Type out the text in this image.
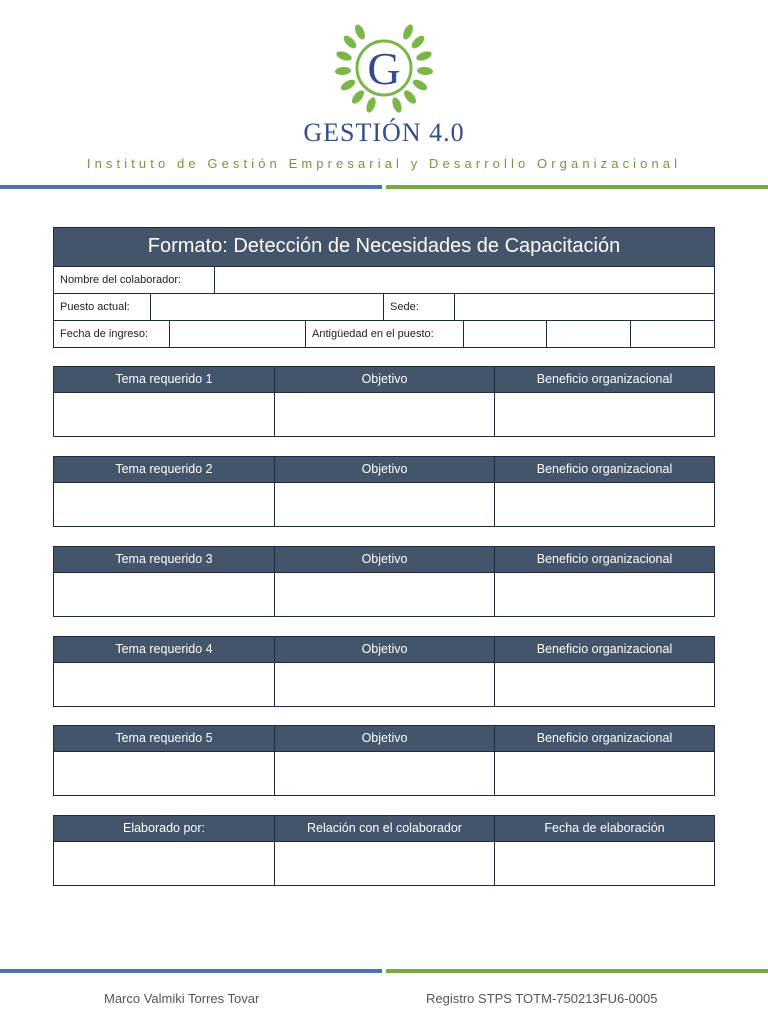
G
GESTIÓN 4.0
Instituto de Gestión Empresarial y Desarrollo Organizacional
Formato: Detección de Necesidades de Capacitación
Nombre del colaborador:
Puesto actual:	Sede:
Fecha de ingreso:	Antigüedad en el puesto:
Tema requerido 1	Objetivo	Beneficio organizacional
Tema requerido 2	Objetivo	Beneficio organizacional
Tema requerido 3	Objetivo	Beneficio organizacional
Tema requerido 4	Objetivo	Beneficio organizacional
Tema requerido 5	Objetivo	Beneficio organizacional
Elaborado por:	Relación con el colaborador	Fecha de elaboración
Marco Valmiki Torres Tovar	Registro STPS TOTM-750213FU6-0005
